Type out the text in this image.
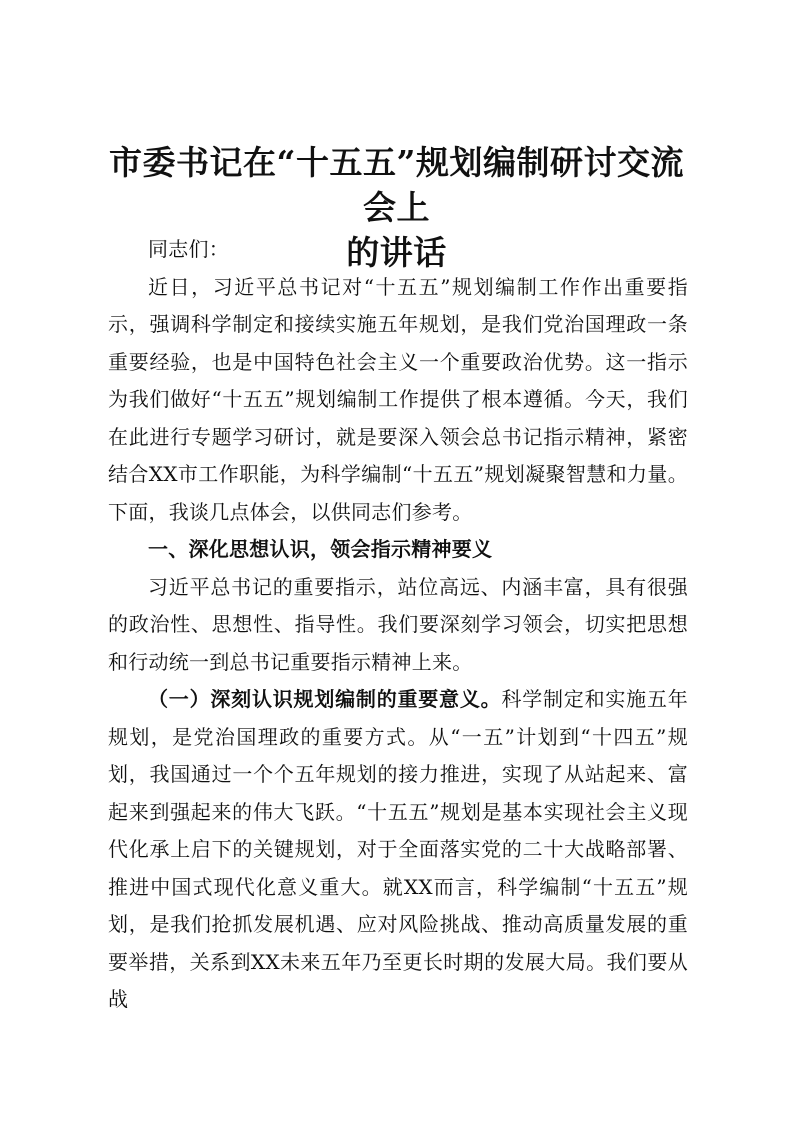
市委书记在“十五五”规划编制研讨交流会上
的讲话

同志们：

近日，习近平总书记对“十五五”规划编制工作作出重要指示，强调科学制定和接续实施五年规划，是我们党治国理政一条重要经验，也是中国特色社会主义一个重要政治优势。这一指示为我们做好“十五五”规划编制工作提供了根本遵循。今天，我们在此进行专题学习研讨，就是要深入领会总书记指示精神，紧密结合XX市工作职能，为科学编制“十五五”规划凝聚智慧和力量。下面，我谈几点体会，以供同志们参考。

一、深化思想认识，领会指示精神要义

习近平总书记的重要指示，站位高远、内涵丰富，具有很强的政治性、思想性、指导性。我们要深刻学习领会，切实把思想和行动统一到总书记重要指示精神上来。

（一）深刻认识规划编制的重要意义。科学制定和实施五年规划，是党治国理政的重要方式。从“一五”计划到“十四五”规划，我国通过一个个五年规划的接力推进，实现了从站起来、富起来到强起来的伟大飞跃。“十五五”规划是基本实现社会主义现代化承上启下的关键规划，对于全面落实党的二十大战略部署、推进中国式现代化意义重大。就XX而言，科学编制“十五五”规划，是我们抢抓发展机遇、应对风险挑战、推动高质量发展的重要举措，关系到XX未来五年乃至更长时期的发展大局。我们要从战
